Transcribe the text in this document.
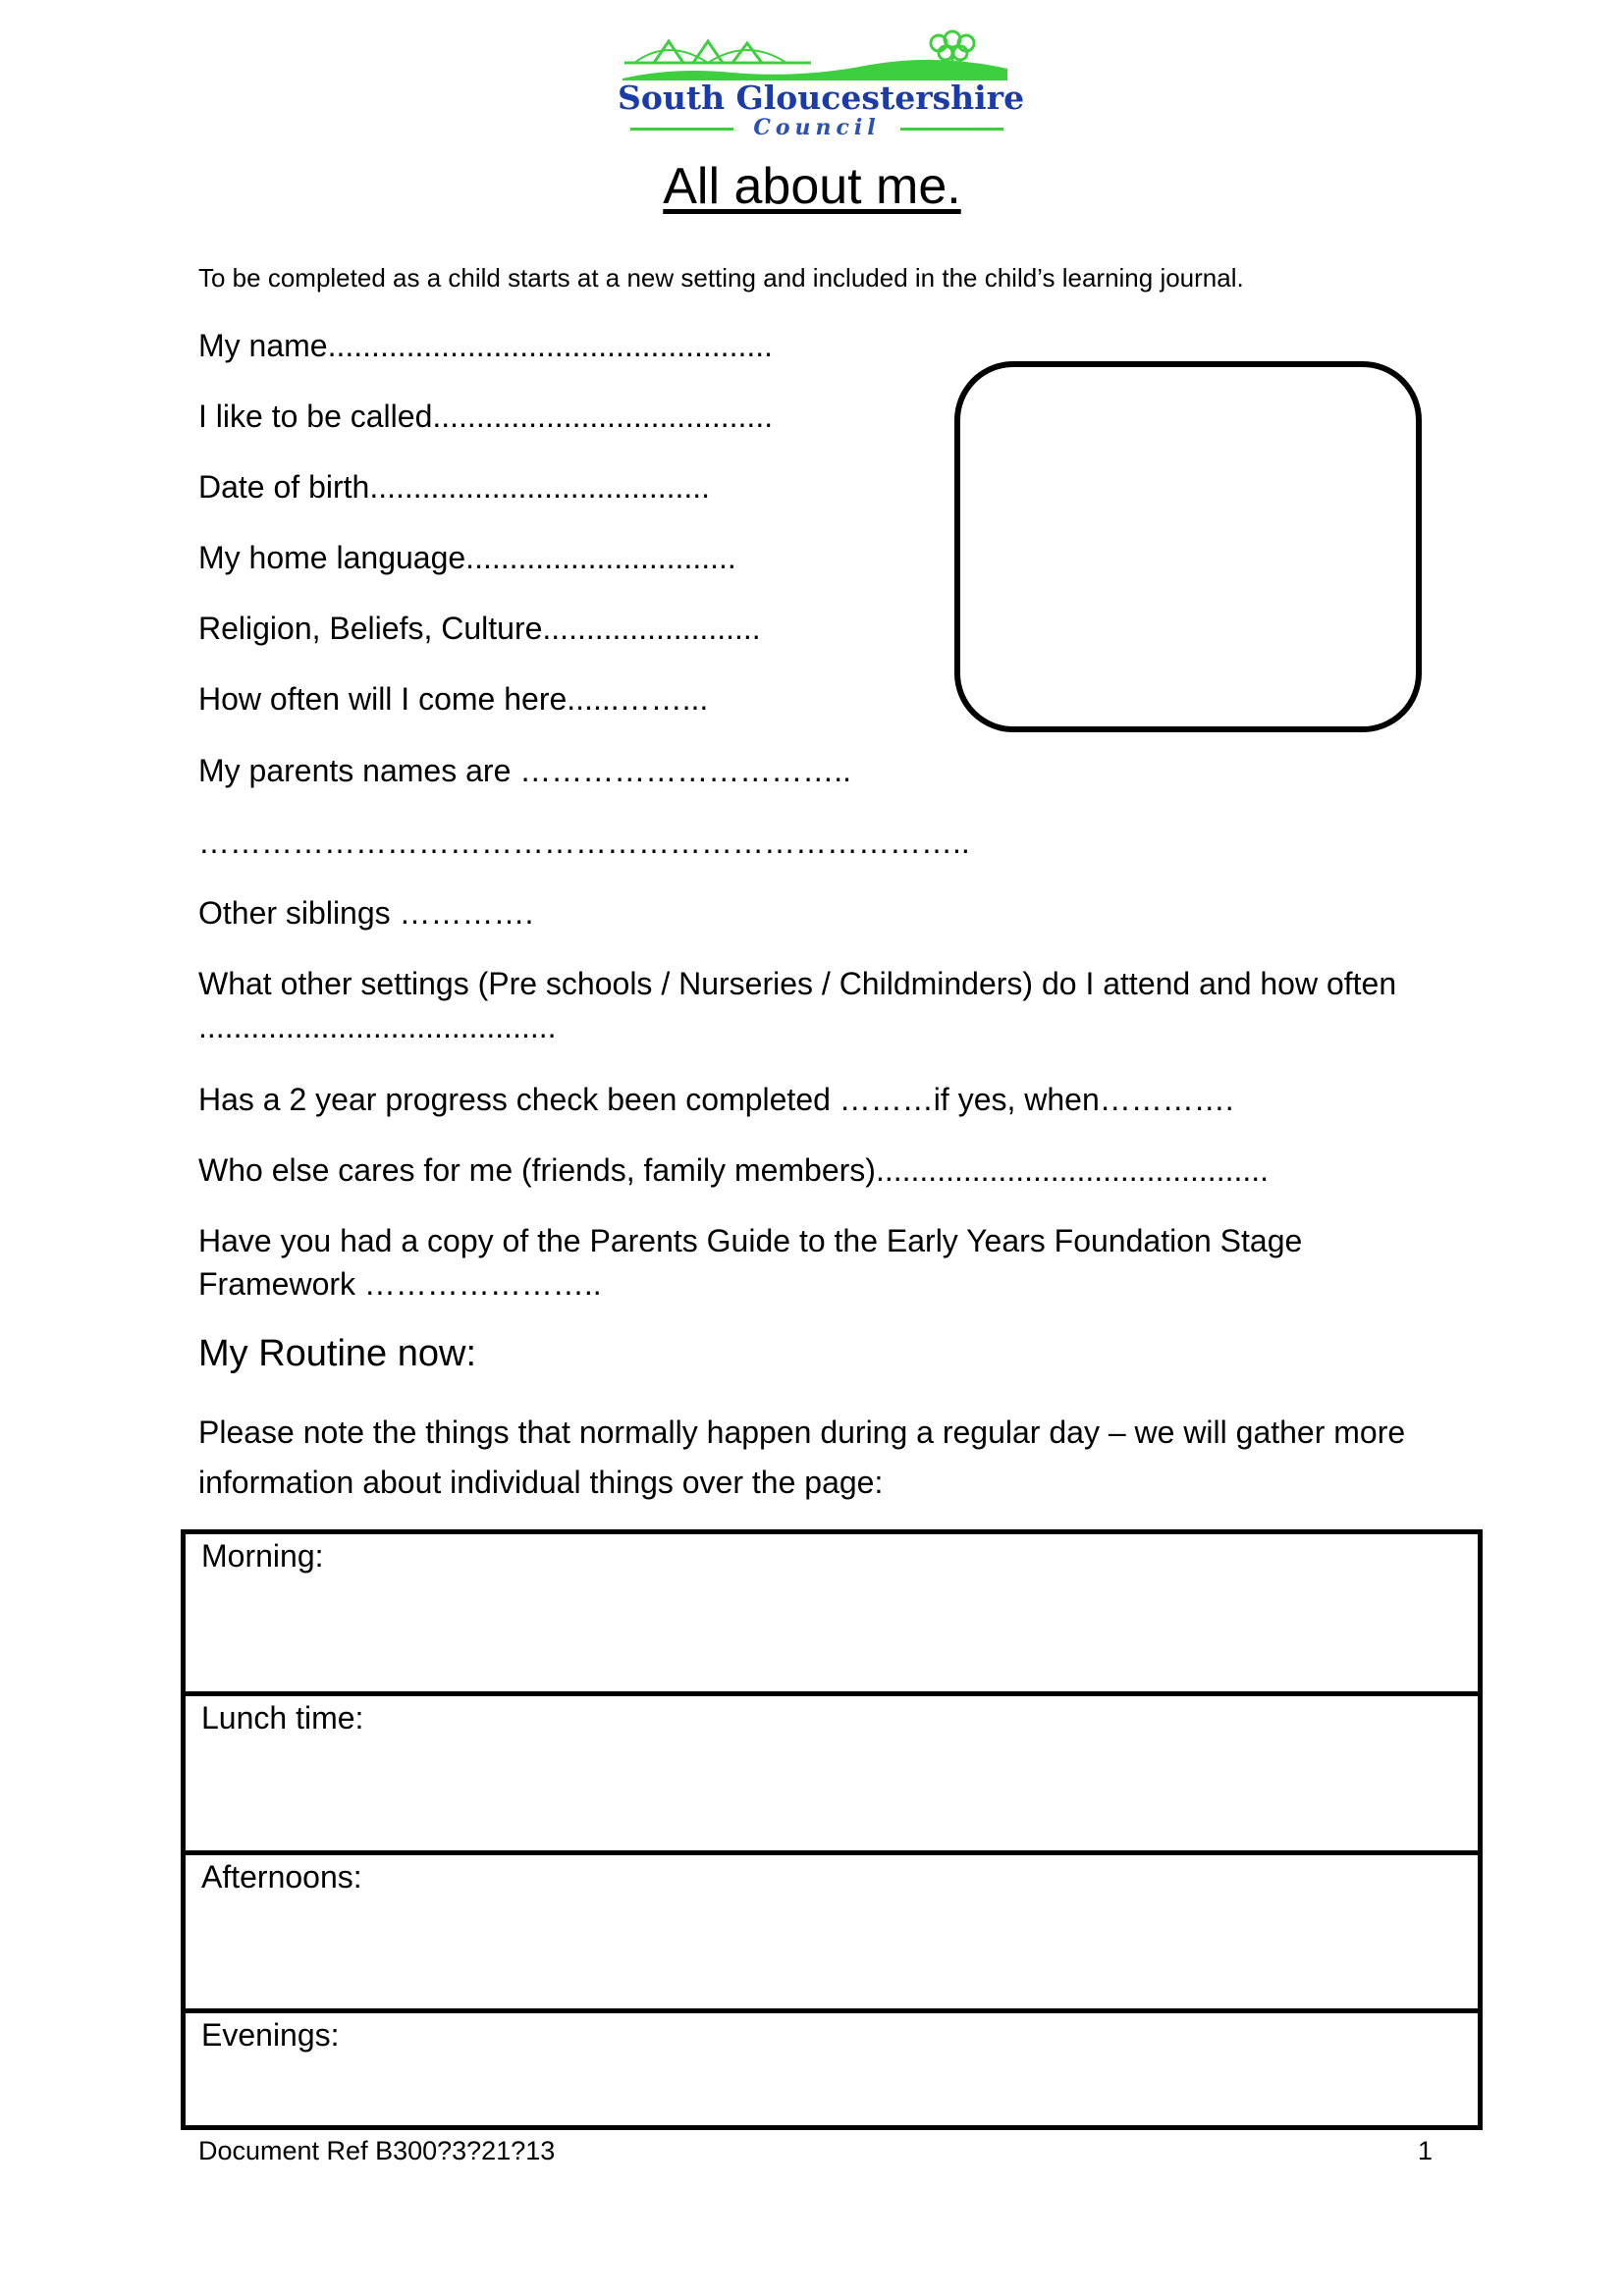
South Gloucestershire
Council
All about me.
To be completed as a child starts at a new setting and included in the child’s learning journal.
My name...................................................
I like to be called.......................................
Date of birth.......................................
My home language...............................
Religion, Beliefs, Culture.........................
How often will I come here......……...
My parents names are …………………………..
………………………………………………………………..
Other siblings ………….
What other settings (Pre schools / Nurseries / Childminders) do I attend and how often .........................................
Has a 2 year progress check been completed ………if yes, when………….
Who else cares for me (friends, family members).............................................
Have you had a copy of the Parents Guide to the Early Years Foundation Stage Framework …………………..
My Routine now:
Please note the things that normally happen during a regular day – we will gather more information about individual things over the page:
Morning:
Lunch time:
Afternoons:
Evenings:
Document Ref B300?3?21?13	1
